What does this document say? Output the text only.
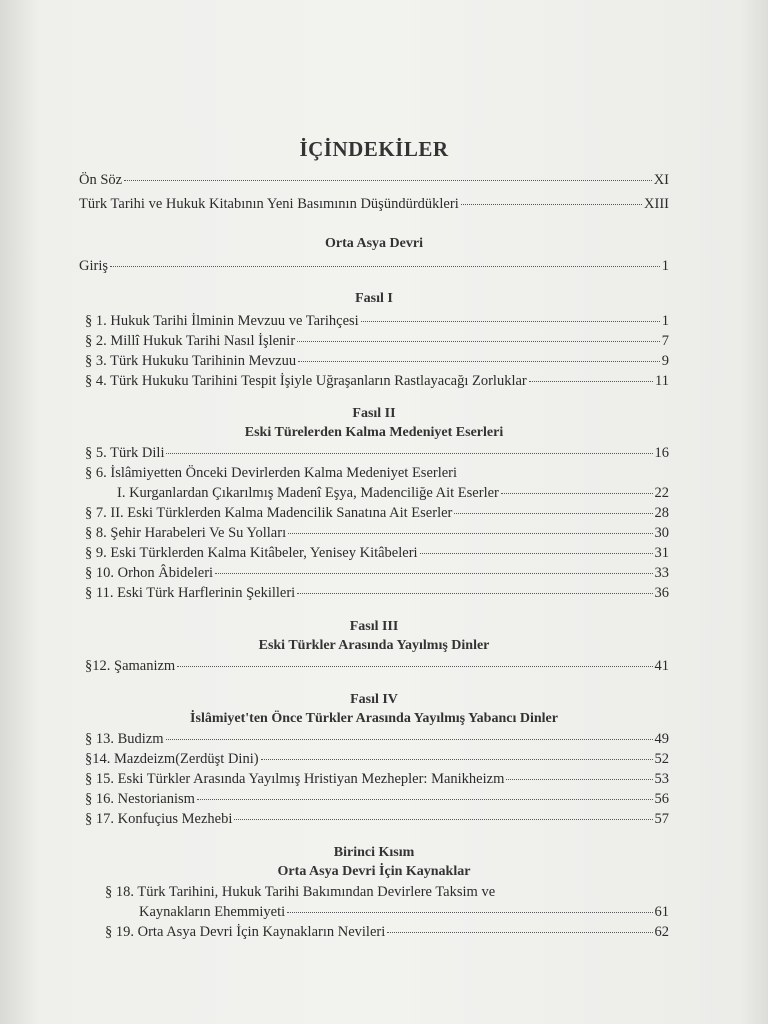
İÇİNDEKİLER
Ön Söz	XI
Türk Tarihi ve Hukuk Kitabının Yeni Basımının Düşündürdükleri	XIII
Orta Asya Devri
Giriş	1
Fasıl I
§ 1. Hukuk Tarihi İlminin Mevzuu ve Tarihçesi	1
§ 2. Millî Hukuk Tarihi Nasıl İşlenir	7
§ 3. Türk Hukuku Tarihinin Mevzuu	9
§ 4. Türk Hukuku Tarihini Tespit İşiyle Uğraşanların Rastlayacağı Zorluklar	11
Fasıl II
Eski Türelerden Kalma Medeniyet Eserleri
§ 5. Türk Dili	16
§ 6. İslâmiyetten Önceki Devirlerden Kalma Medeniyet Eserleri
I. Kurganlardan Çıkarılmış Madenî Eşya, Madenciliğe Ait Eserler	22
§ 7. II. Eski Türklerden Kalma Madencilik Sanatına Ait Eserler	28
§ 8. Şehir Harabeleri Ve Su Yolları	30
§ 9. Eski Türklerden Kalma Kitâbeler, Yenisey Kitâbeleri	31
§ 10. Orhon Âbideleri	33
§ 11. Eski Türk Harflerinin Şekilleri	36
Fasıl III
Eski Türkler Arasında Yayılmış Dinler
§12. Şamanizm	41
Fasıl IV
İslâmiyet'ten Önce Türkler Arasında Yayılmış Yabancı Dinler
§ 13. Budizm	49
§14. Mazdeizm(Zerdüşt Dini)	52
§ 15. Eski Türkler Arasında Yayılmış Hristiyan Mezhepler: Manikheizm	53
§ 16. Nestorianism	56
§ 17. Konfuçius Mezhebi	57
Birinci Kısım
Orta Asya Devri İçin Kaynaklar
§ 18. Türk Tarihini, Hukuk Tarihi Bakımından Devirlere Taksim ve
Kaynakların Ehemmiyeti	61
§ 19. Orta Asya Devri İçin Kaynakların Nevileri	62
